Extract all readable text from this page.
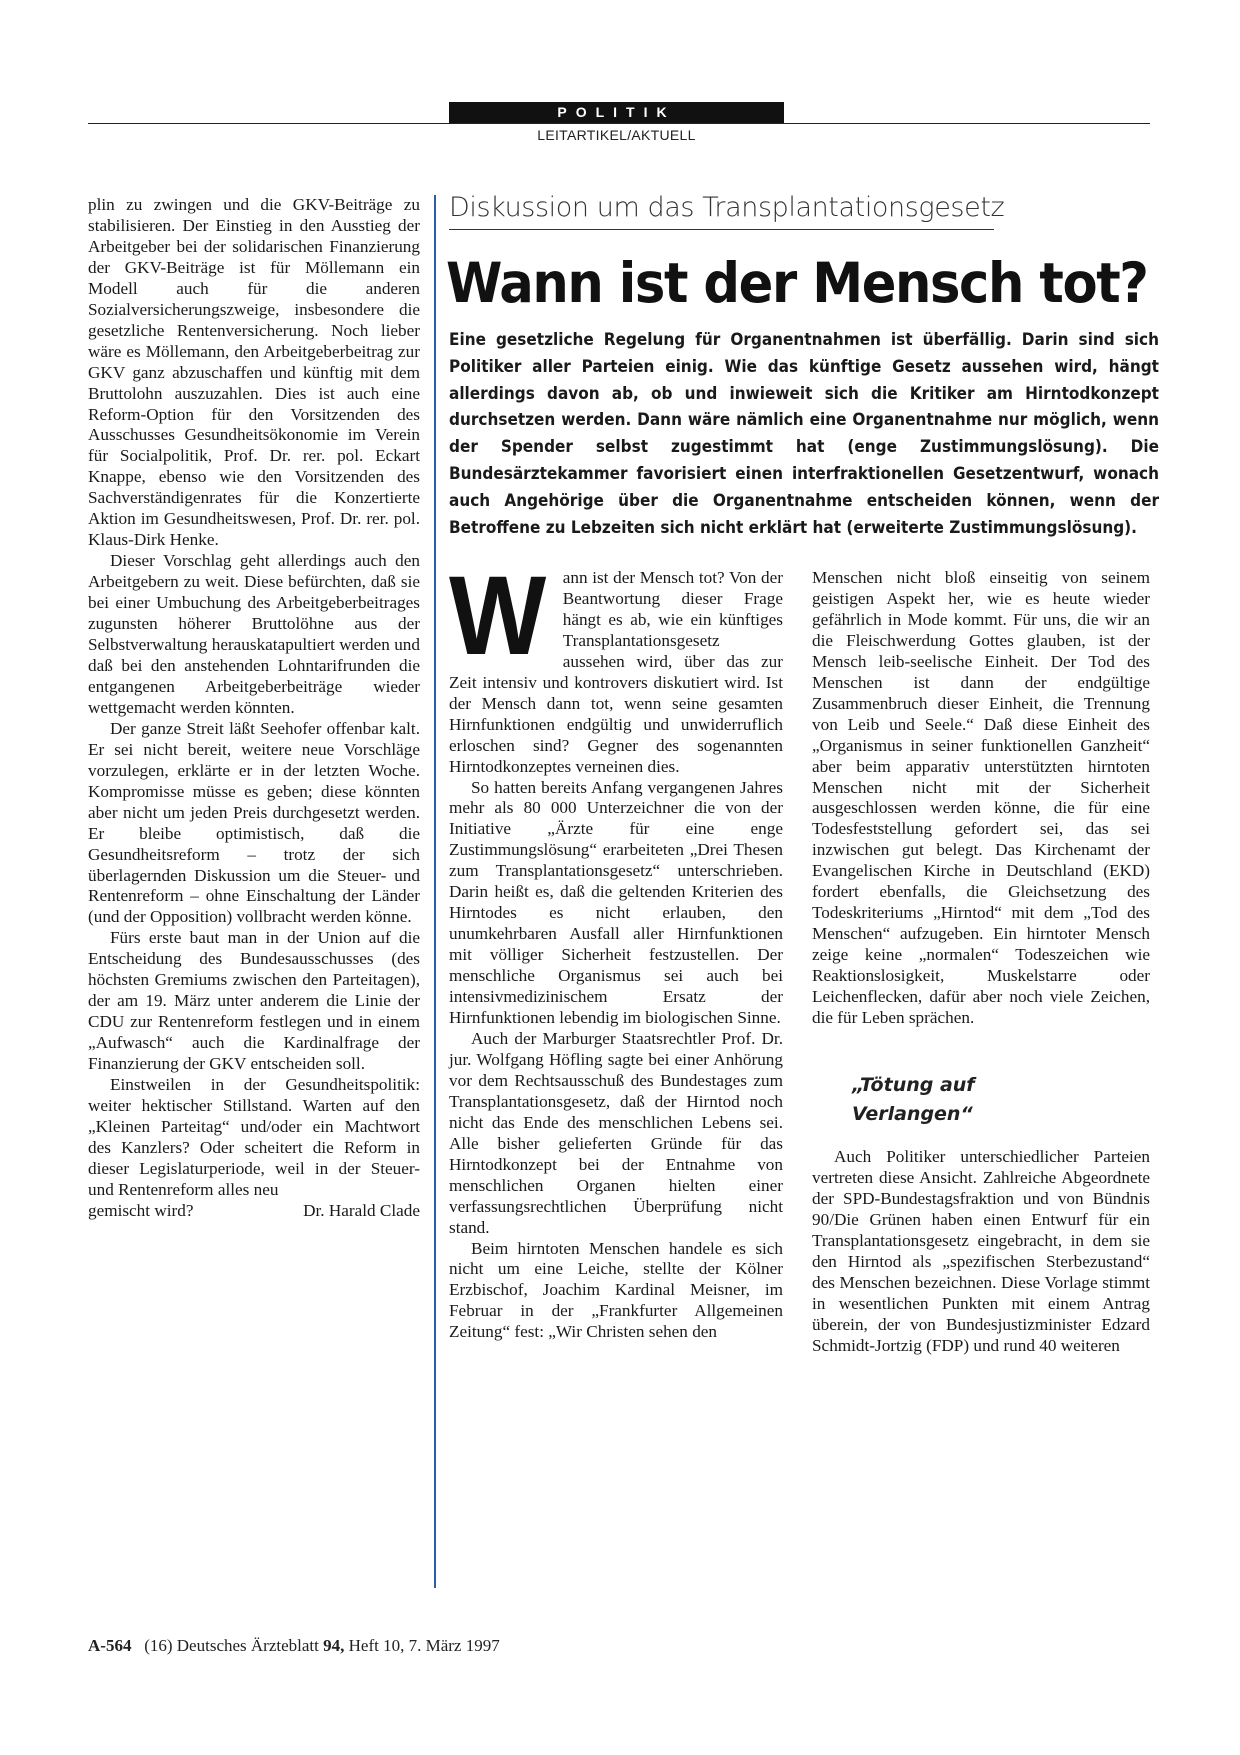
POLITIK
LEITARTIKEL/AKTUELL

plin zu zwingen und die GKV-Beiträge zu stabilisieren. Der Einstieg in den Ausstieg der Arbeitgeber bei der solidarischen Finanzierung der GKV-Beiträge ist für Möllemann ein Modell auch für die anderen Sozialversicherungszweige, insbesondere die gesetzliche Rentenversicherung. Noch lieber wäre es Möllemann, den Arbeitgeberbeitrag zur GKV ganz abzuschaffen und künftig mit dem Bruttolohn auszuzahlen. Dies ist auch eine Reform-Option für den Vorsitzenden des Ausschusses Gesundheitsökonomie im Verein für Socialpolitik, Prof. Dr. rer. pol. Eckart Knappe, ebenso wie den Vorsitzenden des Sachverständigenrates für die Konzertierte Aktion im Gesundheitswesen, Prof. Dr. rer. pol. Klaus-Dirk Henke.

Dieser Vorschlag geht allerdings auch den Arbeitgebern zu weit. Diese befürchten, daß sie bei einer Umbuchung des Arbeitgeberbeitrages zugunsten höherer Bruttolöhne aus der Selbstverwaltung herauskatapultiert werden und daß bei den anstehenden Lohntarifrunden die entgangenen Arbeitgeberbeiträge wieder wettgemacht werden könnten.

Der ganze Streit läßt Seehofer offenbar kalt. Er sei nicht bereit, weitere neue Vorschläge vorzulegen, erklärte er in der letzten Woche. Kompromisse müsse es geben; diese könnten aber nicht um jeden Preis durchgesetzt werden. Er bleibe optimistisch, daß die Gesundheitsreform – trotz der sich überlagernden Diskussion um die Steuer- und Rentenreform – ohne Einschaltung der Länder (und der Opposition) vollbracht werden könne.

Fürs erste baut man in der Union auf die Entscheidung des Bundesausschusses (des höchsten Gremiums zwischen den Parteitagen), der am 19. März unter anderem die Linie der CDU zur Rentenreform festlegen und in einem „Aufwasch“ auch die Kardinalfrage der Finanzierung der GKV entscheiden soll.

Einstweilen in der Gesundheitspolitik: weiter hektischer Stillstand. Warten auf den „Kleinen Parteitag“ und/oder ein Machtwort des Kanzlers? Oder scheitert die Reform in dieser Legislaturperiode, weil in der Steuer- und Rentenreform alles neu

gemischt wird?	Dr. Harald Clade
Diskussion um das Transplantationsgesetz
Wann ist der Mensch tot?

Eine gesetzliche Regelung für Organentnahmen ist überfällig. Darin sind sich Politiker aller Parteien einig. Wie das künftige Gesetz aussehen wird, hängt allerdings davon ab, ob und inwieweit sich die Kritiker am Hirntodkonzept durchsetzen werden. Dann wäre nämlich eine Organentnahme nur möglich, wenn der Spender selbst zugestimmt hat (enge Zustimmungslösung). Die Bundesärztekammer favorisiert einen interfraktionellen Gesetzentwurf, wonach auch Angehörige über die Organentnahme entscheiden können, wenn der Betroffene zu Lebzeiten sich nicht erklärt hat (erweiterte Zustimmungslösung).

Wann ist der Mensch tot? Von der Beantwortung dieser Frage hängt es ab, wie ein künftiges Transplantationsgesetz aussehen wird, über das zur Zeit intensiv und kontrovers diskutiert wird. Ist der Mensch dann tot, wenn seine gesamten Hirnfunktionen endgültig und unwiderruflich erloschen sind? Gegner des sogenannten Hirntodkonzeptes verneinen dies.

So hatten bereits Anfang vergangenen Jahres mehr als 80 000 Unterzeichner die von der Initiative „Ärzte für eine enge Zustimmungslösung“ erarbeiteten „Drei Thesen zum Transplantationsgesetz“ unterschrieben. Darin heißt es, daß die geltenden Kriterien des Hirntodes es nicht erlauben, den unumkehrbaren Ausfall aller Hirnfunktionen mit völliger Sicherheit festzustellen. Der menschliche Organismus sei auch bei intensivmedizinischem Ersatz der Hirnfunktionen lebendig im biologischen Sinne.

Auch der Marburger Staatsrechtler Prof. Dr. jur. Wolfgang Höfling sagte bei einer Anhörung vor dem Rechtsausschuß des Bundestages zum Transplantationsgesetz, daß der Hirntod noch nicht das Ende des menschlichen Lebens sei. Alle bisher gelieferten Gründe für das Hirntodkonzept bei der Entnahme von menschlichen Organen hielten einer verfassungsrechtlichen Überprüfung nicht stand.

Beim hirntoten Menschen handele es sich nicht um eine Leiche, stellte der Kölner Erzbischof, Joachim Kardinal Meisner, im Februar in der „Frankfurter Allgemeinen Zeitung“ fest: „Wir Christen sehen den

Menschen nicht bloß einseitig von seinem geistigen Aspekt her, wie es heute wieder gefährlich in Mode kommt. Für uns, die wir an die Fleischwerdung Gottes glauben, ist der Mensch leib-seelische Einheit. Der Tod des Menschen ist dann der endgültige Zusammenbruch dieser Einheit, die Trennung von Leib und Seele.“ Daß diese Einheit des „Organismus in seiner funktionellen Ganzheit“ aber beim apparativ unterstützten hirntoten Menschen nicht mit der Sicherheit ausgeschlossen werden könne, die für eine Todesfeststellung gefordert sei, das sei inzwischen gut belegt. Das Kirchenamt der Evangelischen Kirche in Deutschland (EKD) fordert ebenfalls, die Gleichsetzung des Todeskriteriums „Hirntod“ mit dem „Tod des Menschen“ aufzugeben. Ein hirntoter Mensch zeige keine „normalen“ Todeszeichen wie Reaktionslosigkeit, Muskelstarre oder Leichenflecken, dafür aber noch viele Zeichen, die für Leben sprächen.

„Tötung auf
Verlangen“

Auch Politiker unterschiedlicher Parteien vertreten diese Ansicht. Zahlreiche Abgeordnete der SPD-Bundestagsfraktion und von Bündnis 90/Die Grünen haben einen Entwurf für ein Transplantationsgesetz eingebracht, in dem sie den Hirntod als „spezifischen Sterbezustand“ des Menschen bezeichnen. Diese Vorlage stimmt in wesentlichen Punkten mit einem Antrag überein, der von Bundesjustizminister Edzard Schmidt-Jortzig (FDP) und rund 40 weiteren

A-564 (16) Deutsches Ärzteblatt 94, Heft 10, 7. März 1997
